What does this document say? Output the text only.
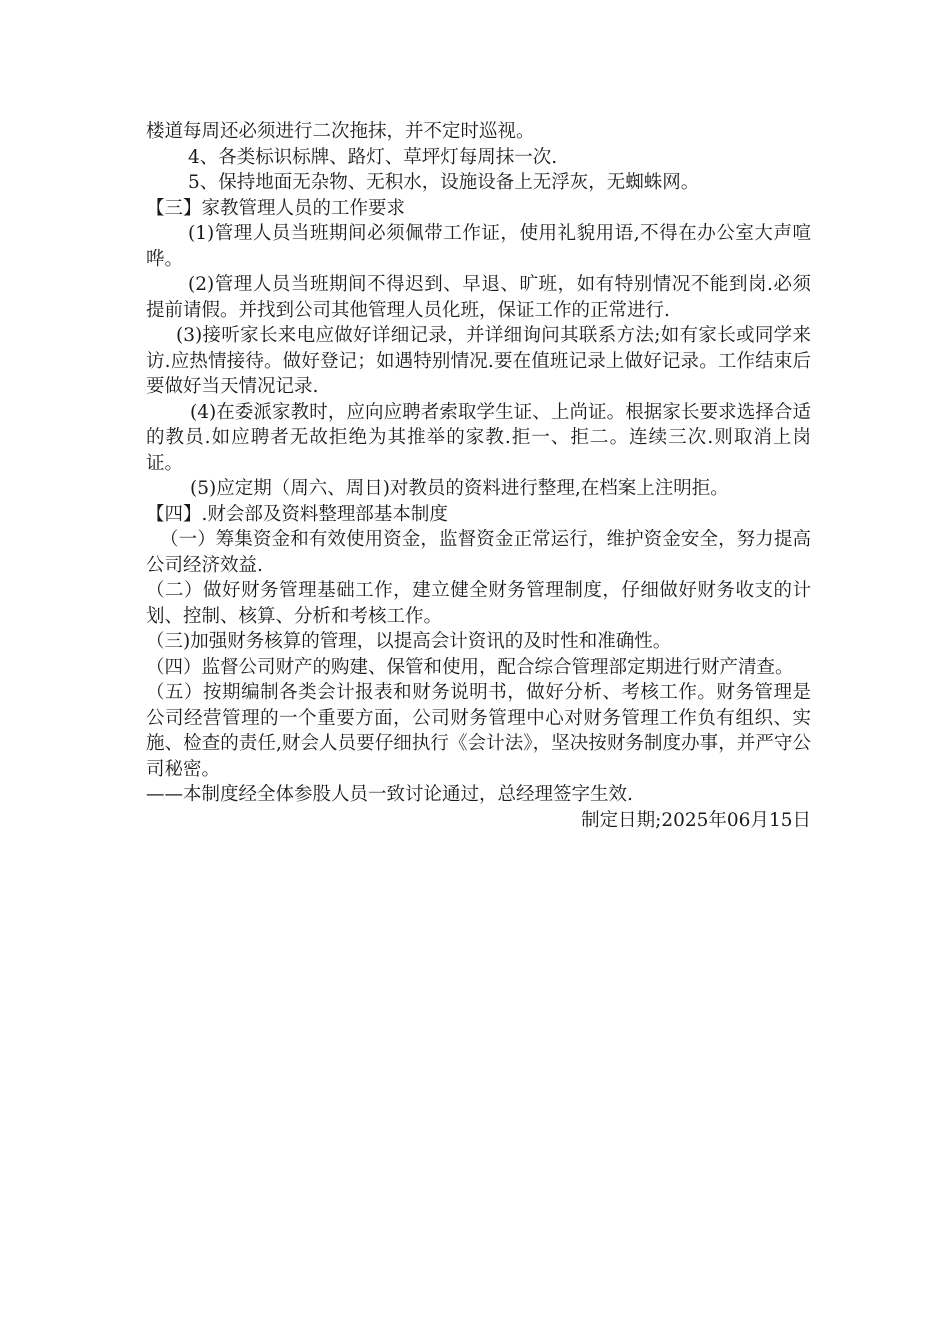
楼道每周还必须进行二次拖抹，并不定时巡视。

4、各类标识标牌、路灯、草坪灯每周抹一次.

5、保持地面无杂物、无积水，设施设备上无浮灰，无蜘蛛网。

【三】家教管理人员的工作要求

(1)管理人员当班期间必须佩带工作证，使用礼貌用语,不得在办公室大声喧哗。

(2)管理人员当班期间不得迟到、早退、旷班，如有特别情况不能到岗.必须提前请假。并找到公司其他管理人员化班，保证工作的正常进行.

(3)接听家长来电应做好详细记录，并详细询问其联系方法;如有家长或同学来访.应热情接待。做好登记；如遇特别情况.要在值班记录上做好记录。工作结束后要做好当天情况记录.

(4)在委派家教时，应向应聘者索取学生证、上尚证。根据家长要求选择合适的教员.如应聘者无故拒绝为其推举的家教.拒一、拒二。连续三次.则取消上岗证。

(5)应定期（周六、周日)对教员的资料进行整理,在档案上注明拒。

【四】.财会部及资料整理部基本制度

（一）筹集资金和有效使用资金，监督资金正常运行，维护资金安全，努力提高公司经济效益.

（二）做好财务管理基础工作，建立健全财务管理制度，仔细做好财务收支的计划、控制、核算、分析和考核工作。

（三)加强财务核算的管理，以提高会计资讯的及时性和准确性。

（四）监督公司财产的购建、保管和使用，配合综合管理部定期进行财产清查。

（五）按期编制各类会计报表和财务说明书，做好分析、考核工作。财务管理是公司经营管理的一个重要方面，公司财务管理中心对财务管理工作负有组织、实施、检查的责任,财会人员要仔细执行《会计法》，坚决按财务制度办事，并严守公司秘密。

——本制度经全体参股人员一致讨论通过，总经理签字生效.

制定日期;2025年06月15日
